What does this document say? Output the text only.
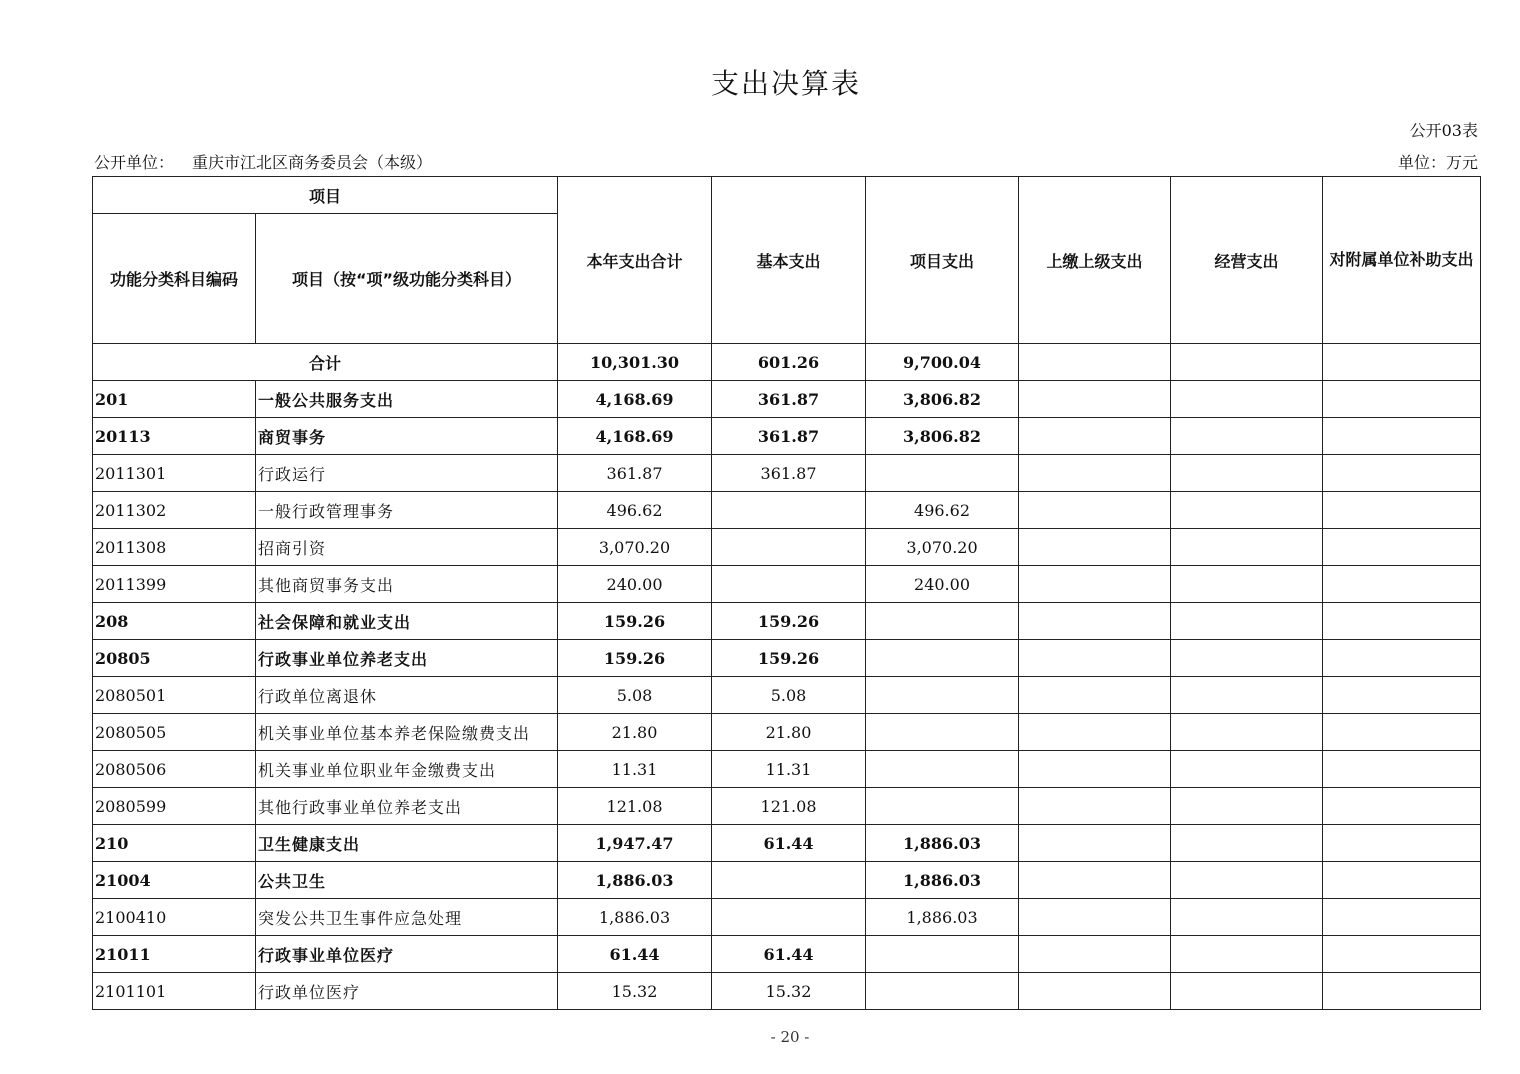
支出决算表
公开03表
公开单位： 重庆市江北区商务委员会（本级）	单位：万元
项目		本年支出合计	基本支出	项目支出	上缴上级支出	经营支出	对附属单位补助支出
功能分类科目编码	项目（按“项”级功能分类科目）						
合计		10,301.30	601.26	9,700.04			
201	一般公共服务支出	4,168.69	361.87	3,806.82			
20113	商贸事务	4,168.69	361.87	3,806.82			
2011301	行政运行	361.87	361.87				
2011302	一般行政管理事务	496.62		496.62			
2011308	招商引资	3,070.20		3,070.20			
2011399	其他商贸事务支出	240.00		240.00			
208	社会保障和就业支出	159.26	159.26				
20805	行政事业单位养老支出	159.26	159.26				
2080501	行政单位离退休	5.08	5.08				
2080505	机关事业单位基本养老保险缴费支出	21.80	21.80				
2080506	机关事业单位职业年金缴费支出	11.31	11.31				
2080599	其他行政事业单位养老支出	121.08	121.08				
210	卫生健康支出	1,947.47	61.44	1,886.03			
21004	公共卫生	1,886.03		1,886.03			
2100410	突发公共卫生事件应急处理	1,886.03		1,886.03			
21011	行政事业单位医疗	61.44	61.44				
2101101	行政单位医疗	15.32	15.32				
- 20 -
